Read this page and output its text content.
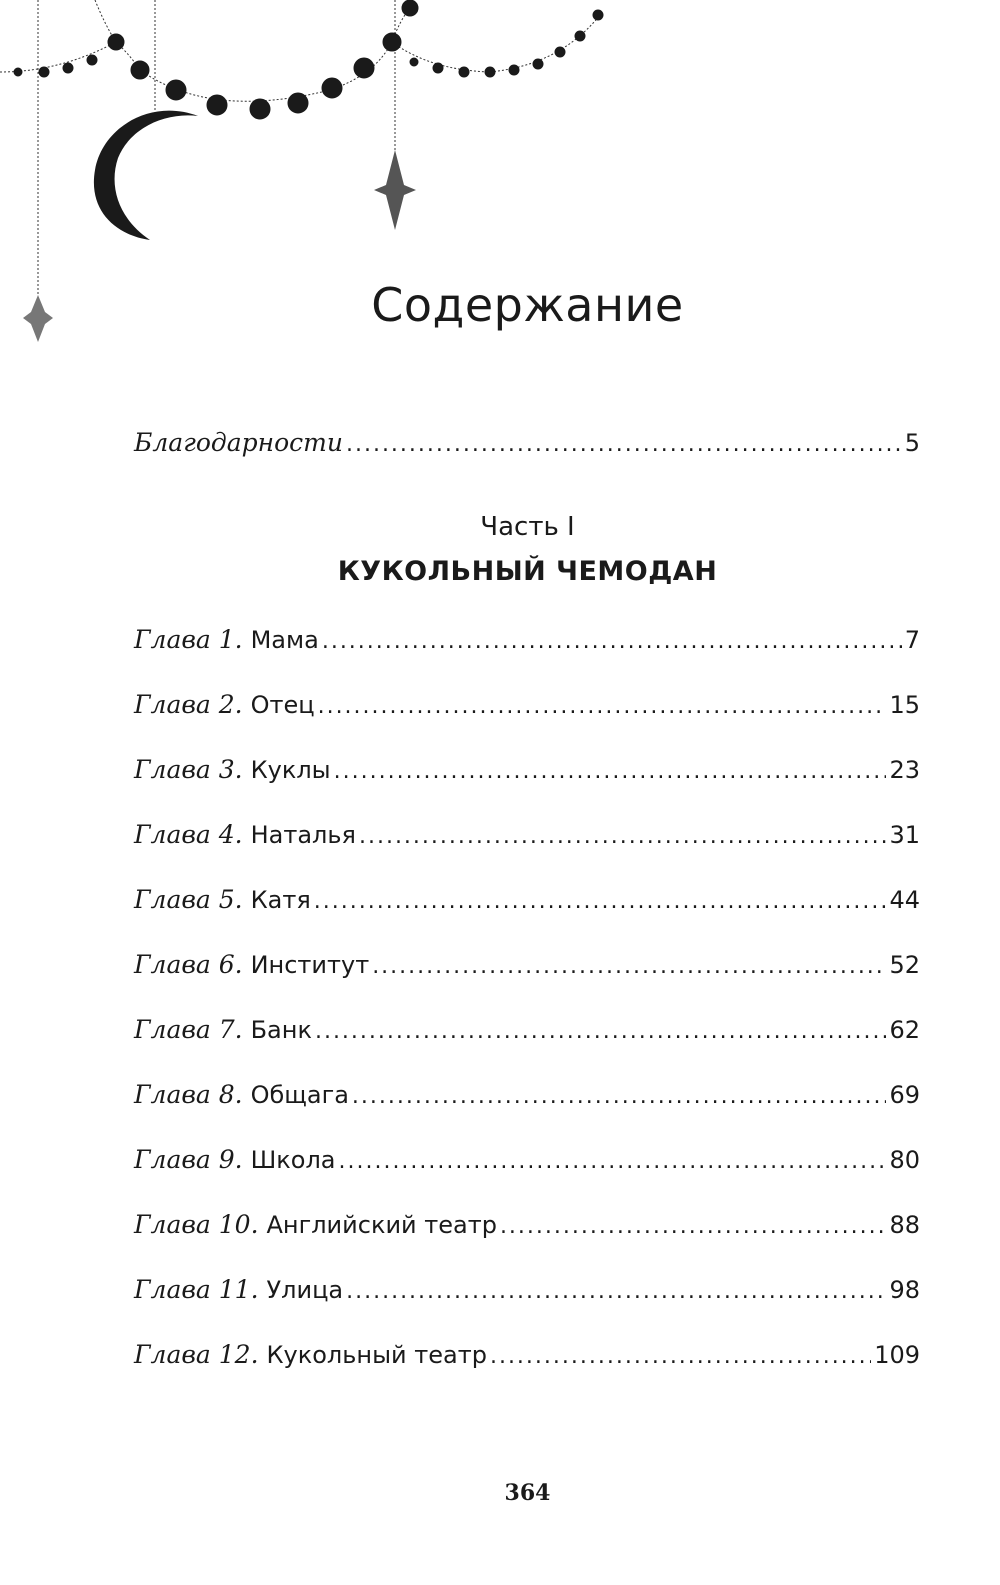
Содержание
Благодарности .....	5
Часть I
КУКОЛЬНЫЙ ЧЕМОДАН
Глава 1. Мама .....	7
Глава 2. Отец .....	15
Глава 3. Куклы .....	23
Глава 4. Наталья .....	31
Глава 5. Катя .....	44
Глава 6. Институт .....	52
Глава 7. Банк .....	62
Глава 8. Общага .....	69
Глава 9. Школа .....	80
Глава 10. Английский театр .....	88
Глава 11. Улица .....	98
Глава 12. Кукольный театр .....	109
364
